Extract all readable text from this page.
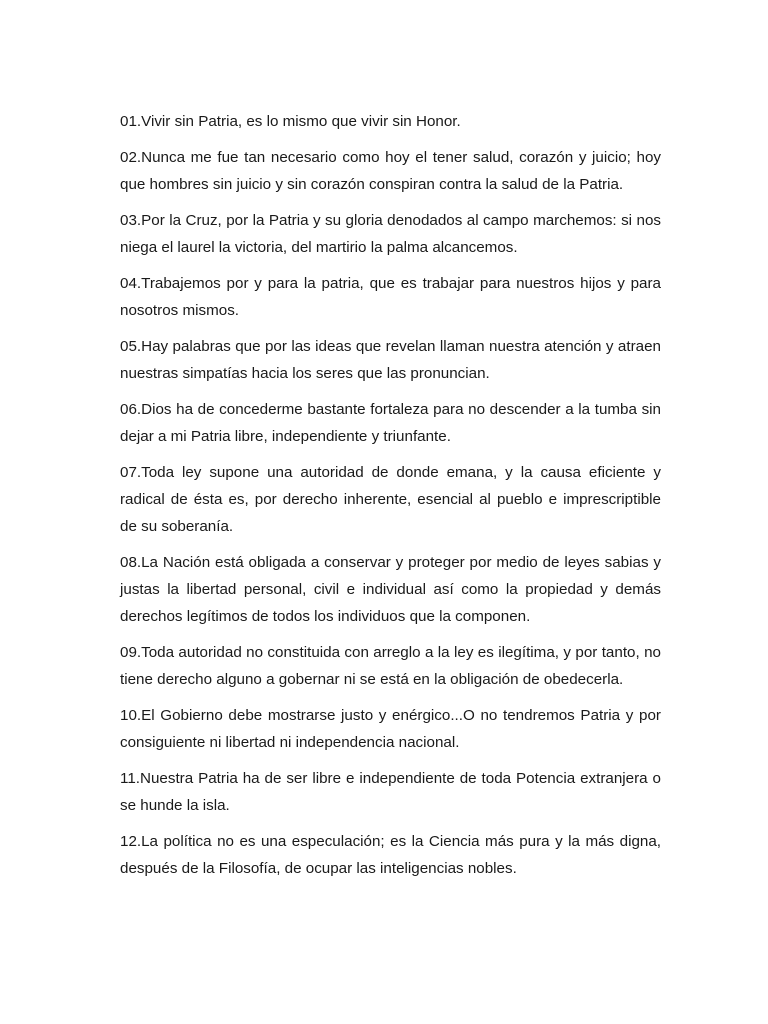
01.Vivir sin Patria, es lo mismo que vivir sin Honor.

02.Nunca me fue tan necesario como hoy el tener salud, corazón y juicio; hoy que hombres sin juicio y sin corazón conspiran contra la salud de la Patria.

03.Por la Cruz, por la Patria y su gloria denodados al campo marchemos: si nos niega el laurel la victoria, del martirio la palma alcancemos.

04.Trabajemos por y para la patria, que es trabajar para nuestros hijos y para nosotros mismos.

05.Hay palabras que por las ideas que revelan llaman nuestra atención y atraen nuestras simpatías hacia los seres que las pronuncian.

06.Dios ha de concederme bastante fortaleza para no descender a la tumba sin dejar a mi Patria libre, independiente y triunfante.

07.Toda ley supone una autoridad de donde emana, y la causa eficiente y radical de ésta es, por derecho inherente, esencial al pueblo e imprescriptible de su soberanía.

08.La Nación está obligada a conservar y proteger por medio de leyes sabias y justas la libertad personal, civil e individual así como la propiedad y demás derechos legítimos de todos los individuos que la componen.

09.Toda autoridad no constituida con arreglo a la ley es ilegítima, y por tanto, no tiene derecho alguno a gobernar ni se está en la obligación de obedecerla.

10.El Gobierno debe mostrarse justo y enérgico...O no tendremos Patria y por consiguiente ni libertad ni independencia nacional.

11.Nuestra Patria ha de ser libre e independiente de toda Potencia extranjera o se hunde la isla.

12.La política no es una especulación; es la Ciencia más pura y la más digna, después de la Filosofía, de ocupar las inteligencias nobles.
